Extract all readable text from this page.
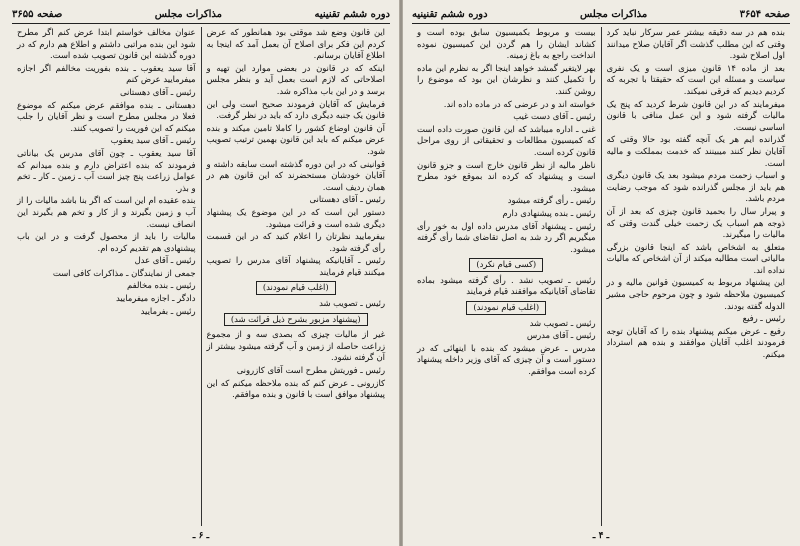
دوره ششم تقنینیه
مذاکرات مجلس
صفحه ۳۶۵۵

این قانون وضع شد موقتی بود همانطور که عرض کردم این فکر برای اصلاح آن بعمل آمد که اینجا به اطلاع آقایان برسانم.

اینکه که در قانون در بعضی موارد این تهیه و اصلاحاتی که لازم است بعمل آید و بنظر مجلس برسد و در این باب مذاکره شد.

فرمایش که آقایان فرمودند صحیح است ولی این قانون یک جنبه دیگری دارد که باید در نظر گرفت.

آن قانون اوضاع کشور را کاملا تامین میکند و بنده عرض میکنم که باید این قانون بهمین ترتیب تصویب شود.

قوانینی که در این دوره گذشته است سابقه داشته و آقایان خودشان مستحضرند که این قانون هم در همان ردیف است.

رئیس ـ آقای دهستانی

دستور این است که در این موضوع یک پیشنهاد دیگری شده است و قرائت میشود.

بیفرمایید نظرتان را اعلام کنید که در این قسمت رأی گرفته شود.

رئیس ـ آقایانیکه پیشنهاد آقای مدرس را تصویب میکنند قیام فرمایند

(اغلب قیام نمودند)

رئیس ـ تصویب شد

(پیشنهاد مزبور بشرح ذیل قرائت شد)

غیر از مالیات چیزی که بصدی سه و از مجموع زراعت حاصله از زمین و آب گرفته میشود بیشتر از آن گرفته نشود.

رئیس ـ فوریتش مطرح است آقای کازرونی

کازرونی ـ عرض کنم که بنده ملاحظه میکنم که این پیشنهاد موافق است با قانون و بنده موافقم.

عنوان مخالف خواستم ابتدا عرض کنم اگر مطرح شود این بنده مراتبی داشتم و اطلاع هم دارم که در دوره گذشته این قانون تصویب شده است.

آقا سید یعقوب ـ بنده بفوریت مخالفم اگر اجازه میفرمایید عرض کنم

رئیس ـ آقای دهستانی

دهستانی ـ بنده موافقم عرض میکنم که موضوع فعلا در مجلس مطرح است و نظر آقایان را جلب میکنم که این فوریت را تصویب کنند.

رئیس ـ آقای سید یعقوب

آقا سید یعقوب ـ چون آقای مدرس یک بیاناتی فرمودند که بنده اعتراض دارم و بنده میدانم که عوامل زراعت پنج چیز است آب ـ زمین ـ کار ـ تخم و بذر.

بنده عقیده ام این است که اگر بنا باشد مالیات را از آب و زمین بگیرند و از کار و تخم هم بگیرند این انصاف نیست.

مالیات را باید از محصول گرفت و در این باب پیشنهادی هم تقدیم کرده ام.

رئیس ـ آقای عدل

جمعی از نمایندگان ـ مذاکرات کافی است

رئیس ـ بنده مخالفم

دادگر ـ اجازه میفرمایید

رئیس ـ بفرمایید

ـ ۶ ـ
صفحه ۳۶۵۴
مذاکرات مجلس
دوره ششم تقنینیه

بنده هم در سه دقیقه بیشتر عمر سرکار نباید کرد وقتی که این مطلب گذشت اگر آقایان صلاح میدانند اول اصلاح شود.

بعد از ماده ۱۴ قانون میزی است و یک نفری سیاست و مسئله این است که حقیقتا با تجربه که کردیم دیدیم که فرقی نمیکند.

میفرمایند که در این قانون شرط کردید که پنج یک مالیات گرفته شود و این عمل منافی با قانون اساسی نیست.

گذرانده ایم هر یک آنچه گفته بود حالا وقتی که آقایان نظر کنند میبینند که خدمت بمملکت و مالیه است.

و اسباب زحمت مردم میشود بعد یک قانون دیگری هم باید از مجلس گذرانده شود که موجب رضایت مردم باشد.

و پیرار سال را بحمید قانون چیزی که بعد از آن ذوجه هم اسباب یک زحمت خیلی گندت وقتی که مالیات را میگیرند.

متعلق به اشخاص باشد که اینجا قانون بزرگی مالیاتی است مطالبه میکند از آن اشخاص که مالیات نداده اند.

این پیشنهاد مربوط به کمیسیون قوانین مالیه و در کمیسیون ملاحظه شود و چون مرحوم حاجی مشیر الدوله گفته بودند.

رئیس ـ رفیع

رفیع ـ عرض میکنم پیشنهاد بنده را که آقایان توجه فرمودند اغلب آقایان موافقند و بنده هم استرداد میکنم.

بیست و مربوط بکمیسیون سابق بوده است و کشاند ایشان را هم گردن این کمیسیون نموده انداخت راجع به باغ زمینه.

بهر لایتغیر گمشد خواهد اینجا اگر به نظرم این ماده را تکمیل کنند و نظرشان این بود که موضوع را روشن کنند.

خواسته اند و در عرضی که در ماده داده اند.

رئیس ـ آقای دست غیب

غنی ـ اداره میباشد که این قانون صورت داده است که کمیسیون مطالعات و تحقیقاتی از روی مراحل قانون کرده است.

ناظر مالیه از نظر قانون خارج است و جزو قانون است و پیشنهاد که کرده اند بموقع خود مطرح میشود.

رئیس ـ رأی گرفته میشود

رئیس ـ بنده پیشنهادی دارم

رئیس ـ پیشنهاد آقای مدرس داده اول به خور رأی میگیریم اگر رد شد به اصل تقاضای شما رأی گرفته میشود.

(کسی قیام نکرد)

رئیس ـ تصویب نشد . رأی گرفته میشود بماده تقاضای آقایانیکه موافقند قیام فرمایند

(اغلب قیام نمودند)

رئیس ـ تصویب شد

رئیس ـ آقای مدرس

مدرس ـ عرض میشود که بنده با اینهائی که در دستور است و آن چیزی که آقای وزیر داخله پیشنهاد کرده است موافقم.

ـ ۴ ـ
